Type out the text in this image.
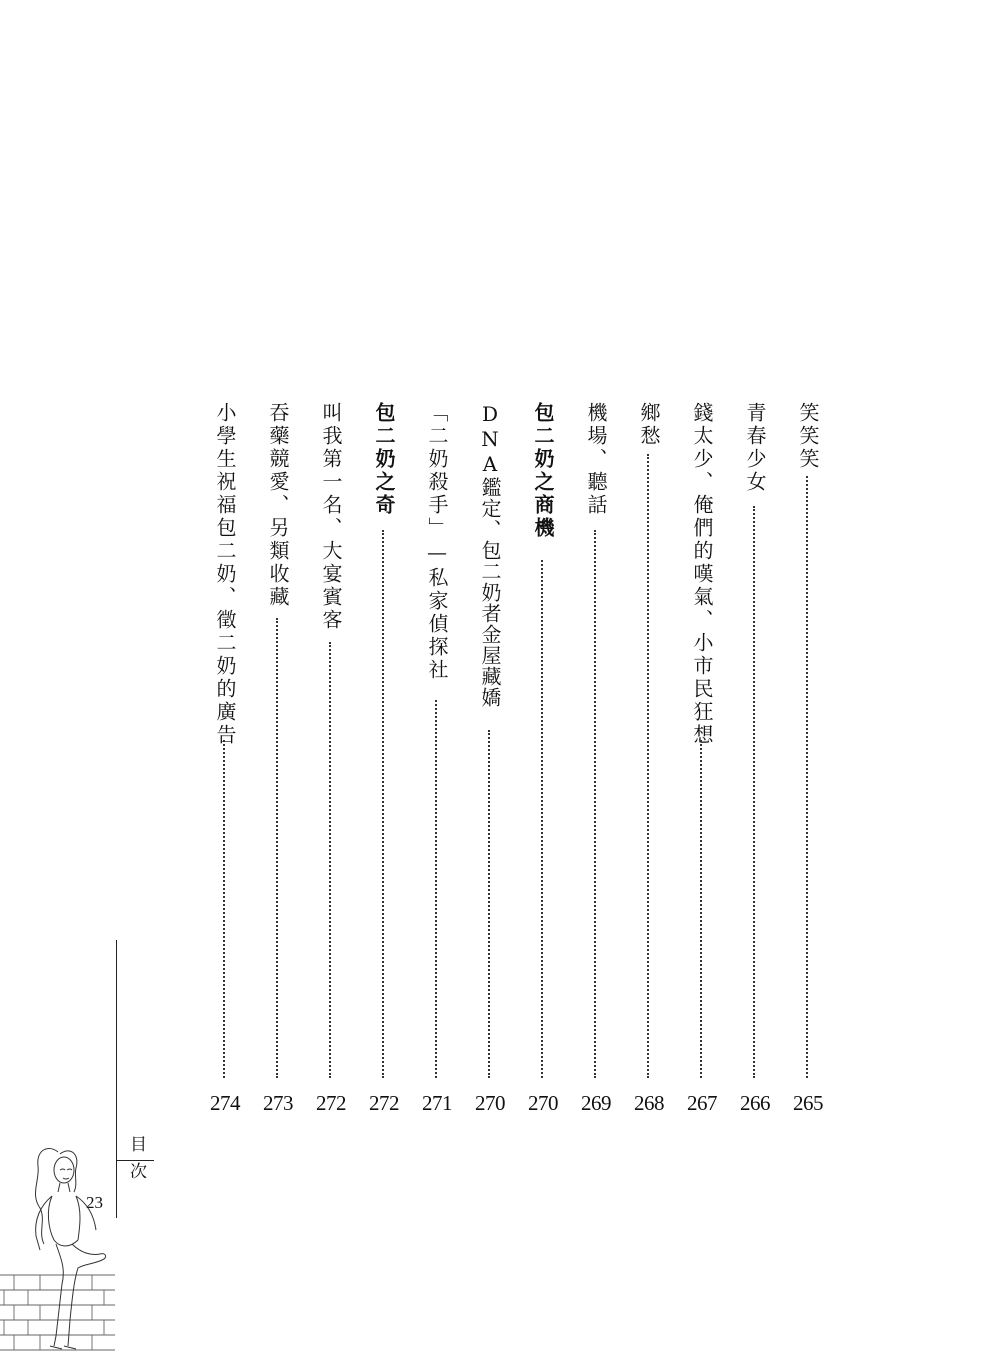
笑笑笑
265
青春少女
266
錢太少、俺們的嘆氣、小市民狂想
267
鄉愁
268
機場、聽話
269
包二奶之商機
270
DNA鑑定、包二奶者金屋藏嬌
270
「二奶殺手」—私家偵探社
271
包二奶之奇
272
叫我第一名、大宴賓客
272
吞藥競愛、另類收藏
273
小學生祝福包二奶、徵二奶的廣告
274
目次
23
